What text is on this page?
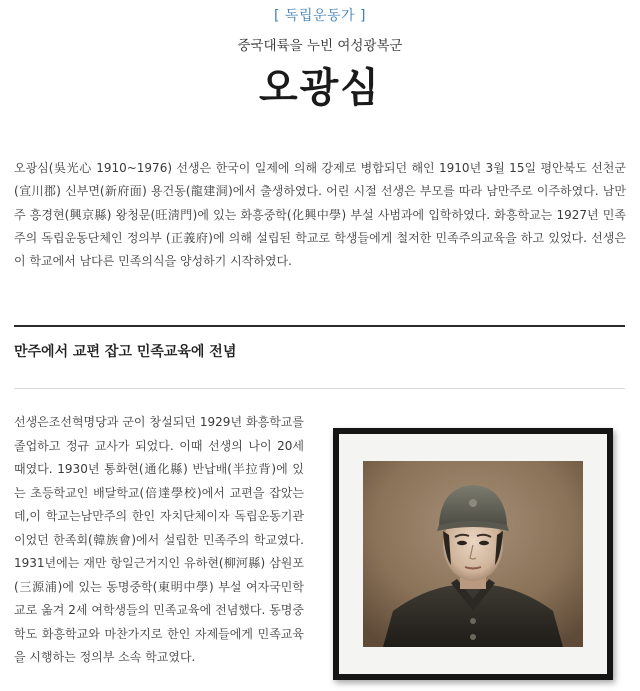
[ 독립운동가 ]
중국대륙을 누빈 여성광복군
오광심
오광심(吳光心 1910~1976) 선생은 한국이 일제에 의해 강제로 병합되던 해인 1910년 3월 15일 평안북도 선천군(宣川郡) 신부면(新府面) 용건동(龍建洞)에서 출생하였다. 어린 시절 선생은 부모를 따라 남만주로 이주하였다. 남만주 흥경현(興京縣) 왕청문(旺淸門)에 있는 화흥중학(化興中學) 부설 사범과에 입학하였다. 화흥학교는 1927년 민족주의 독립운동단체인 정의부 (正義府)에 의해 설립된 학교로 학생들에게 철저한 민족주의교육을 하고 있었다. 선생은 이 학교에서 남다른 민족의식을 양성하기 시작하였다.
만주에서 교편 잡고 민족교육에 전념
선생은조선혁명당과 군이 창설되던 1929년 화흥학교를 졸업하고 정규 교사가 되었다. 이때 선생의 나이 20세 때였다. 1930년 통화현(通化縣) 반납배(半拉背)에 있는 초등학교인 배달학교(倍達學校)에서 교편을 잡았는데,이 학교는남만주의 한인 자치단체이자 독립운동기관이었던 한족회(韓族會)에서 설립한 민족주의 학교였다. 1931년에는 재만 항일근거지인 유하현(柳河縣) 삼원포(三源浦)에 있는 동명중학(東明中學) 부설 여자국민학교로 옮겨 2세 여학생들의 민족교육에 전념했다. 동명중학도 화흥학교와 마찬가지로 한인 자제들에게 민족교육을 시행하는 정의부 소속 학교였다.
